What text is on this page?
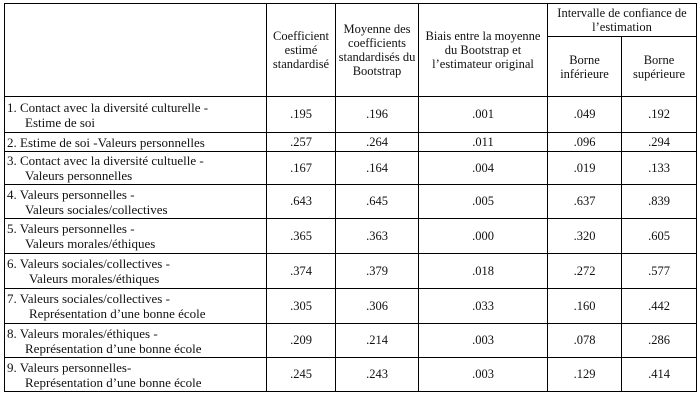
	Coefficient estimé standardisé	Moyenne des coefficients standardisés du Bootstrap	Biais entre la moyenne du Bootstrap et l’estimateur original	Intervalle de confiance de l’estimation	
				Borne inférieure	Borne supérieure

1. Contact avec la diversité culturelle -
Estime de soi	.195	.196	.001	.049	.192

2. Estime de soi -Valeurs personnelles	.257	.264	.011	.096	.294

3. Contact avec la diversité cultuelle -
Valeurs personnelles	.167	.164	.004	.019	.133

4. Valeurs personnelles -
Valeurs sociales/collectives	.643	.645	.005	.637	.839

5. Valeurs personnelles -
Valeurs morales/éthiques	.365	.363	.000	.320	.605

6. Valeurs sociales/collectives -
Valeurs morales/éthiques	.374	.379	.018	.272	.577

7. Valeurs sociales/collectives -
Représentation d’une bonne école	.305	.306	.033	.160	.442

8. Valeurs morales/éthiques -
Représentation d’une bonne école	.209	.214	.003	.078	.286

9. Valeurs personnelles-
Représentation d’une bonne école	.245	.243	.003	.129	.414
